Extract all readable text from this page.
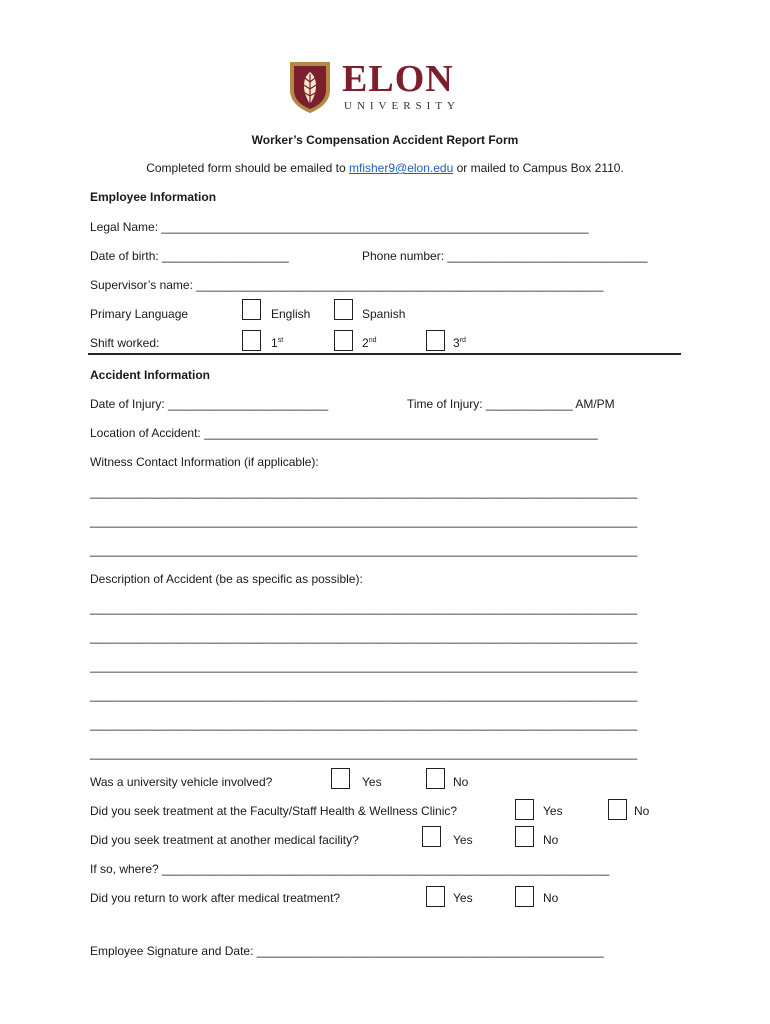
ELON
UNIVERSITY
Worker’s Compensation Accident Report Form
Completed form should be emailed to mfisher9@elon.edu or mailed to Campus Box 2110.
Employee Information
Legal Name: ________________________________________________________________
Date of birth: ___________________	Phone number: ______________________________
Supervisor’s name: _____________________________________________________________
Primary Language	English	Spanish
Shift worked:	1st	2nd	3rd
Accident Information
Date of Injury: ________________________	Time of Injury: _____________ AM/PM
Location of Accident: ___________________________________________________________
Witness Contact Information (if applicable):
__________________________________________________________________________________
__________________________________________________________________________________
__________________________________________________________________________________
Description of Accident (be as specific as possible):
__________________________________________________________________________________
__________________________________________________________________________________
__________________________________________________________________________________
__________________________________________________________________________________
__________________________________________________________________________________
__________________________________________________________________________________
Was a university vehicle involved?	Yes	No
Did you seek treatment at the Faculty/Staff Health & Wellness Clinic?	Yes	No
Did you seek treatment at another medical facility?	Yes	No
If so, where? ___________________________________________________________________
Did you return to work after medical treatment?	Yes	No
Employee Signature and Date: ____________________________________________________
